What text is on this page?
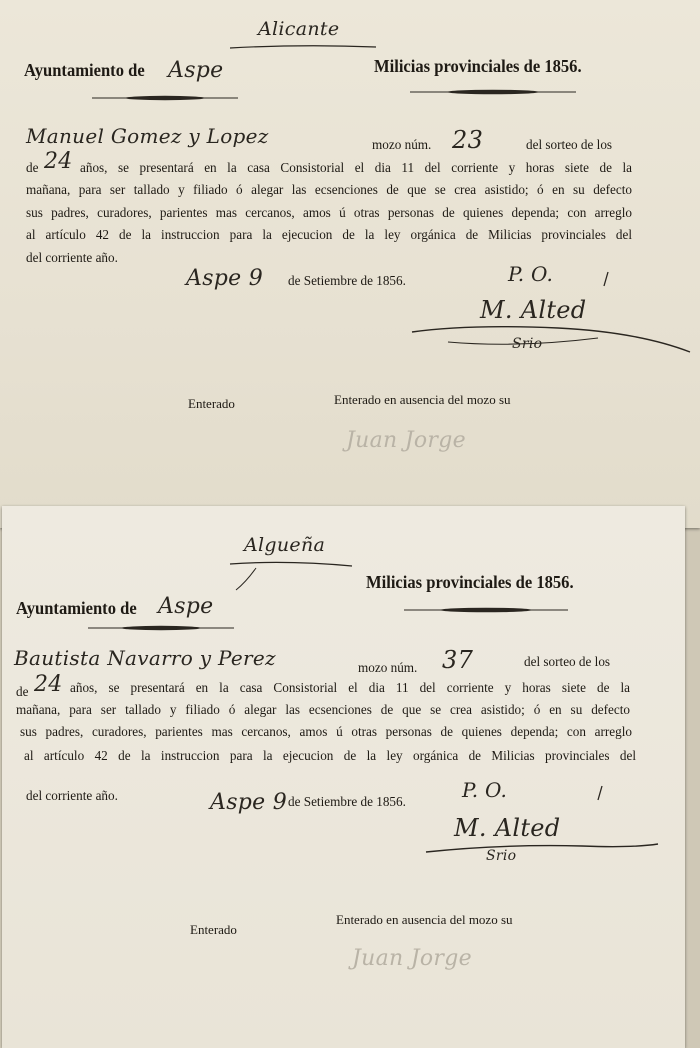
Alicante
Ayuntamiento de Aspe	Milicias provinciales de 1856.
Manuel Gomez y Lopez	mozo núm. 23	del sorteo de los
de 24 años, se presentará en la casa Consistorial el dia 11 del corriente y horas siete de la
mañana, para ser tallado y filiado ó alegar las ecsenciones de que se crea asistido; ó en su defecto
sus padres, curadores, parientes mas cercanos, amos ú otras personas de quienes dependa; con arreglo
al artículo 42 de la instruccion para la ejecucion de la ley orgánica de Milicias provinciales del
del corriente año.
Aspe 9 de Setiembre de 1856.	P. O.
M. Alted
Srio
Enterado	Enterado en ausencia del mozo su
Juan Jorge
Algueña
Ayuntamiento de Aspe
Milicias provinciales de 1856.
Bautista Navarro y Perez	mozo núm. 37	del sorteo de los
de 24 años, se presentará en la casa Consistorial el dia 11 del corriente y horas siete de la
mañana, para ser tallado y filiado ó alegar las ecsenciones de que se crea asistido; ó en su defecto
sus padres, curadores, parientes mas cercanos, amos ú otras personas de quienes dependa; con arreglo
al artículo 42 de la instruccion para la ejecucion de la ley orgánica de Milicias provinciales del
del corriente año.	Aspe 9 de Setiembre de 1856.	P. O.
M. Alted
Srio
Enterado
Enterado en ausencia del mozo su
Juan Jorge
